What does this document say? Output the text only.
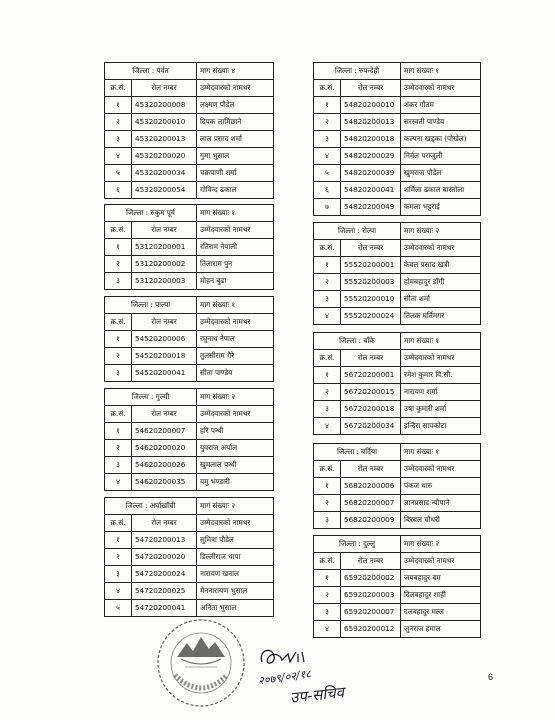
जिल्ला : पर्वत		माग संख्याः ४
क्र.सं.	रोल नम्बर	उम्मेदवारको नामथर
१	45320200008	लक्ष्मण पौडेल
२	45320200010	दिपक लामिछाने
३	45320200013	लाल प्रसाद शर्मा
४	45320200020	गुमा भुसाल
५	45320200034	चक्रपाणी शर्मा
६	45320200054	गोविन्द ढकाल
जिल्ला : रुकुम पूर्व		माग संख्याः १
क्र.सं.	रोल नम्बर	उम्मेदवारको नामथर
१	53120200001	रतिराम नेपाली
२	53120200002	तिलाराम पुन
३	53120200003	मोहन बुढा
जिल्ला : पाल्पा		माग संख्याः १
क्र.सं.	रोल नम्बर	उम्मेदवारको नामथर
१	54520200006	रघुनाथ नेपाल
२	54520200018	तुलसीराम गैरे
३	54520200041	सीता पाण्डेय
जिल्ला : गुल्मी		माग संख्याः २
क्र.सं.	रोल नम्बर	उम्मेदवारको नामथर
१	54620200007	हरि पन्थी
२	54620200020	युवराज अर्याल
३	54620200026	खुमलाल पन्थी
४	54620200035	यमु भण्डारी
जिल्ला : अर्घाखाँची		माग संख्याः २
क्र.सं.	रोल नम्बर	उम्मेदवारको नामथर
१	54720200013	सुमित्रा पौडेल
२	54720200020	डिल्लीराज थापा
३	54720200024	नारायण खनाल
४	54720200025	मेननारायण भुसाल
५	54720200041	अनिता भुसाल
जिल्ला : रुपन्देही		माग संख्याः १
क्र.सं.	रोल नम्बर	उम्मेदवारको नामथर
१	54820200010	शंकर गौतम
२	54820200013	सरस्वती पाण्डेय
३	54820200018	कल्पना खड्का (पोखेल)
४	54820200029	निर्मल पराजुली
५	54820200039	खुमराज पौडेल
६	54820200041	शर्मिला ढकाल बास्तोला
७	54820200049	कमला भट्टराई
जिल्ला : रोल्पा		माग संख्याः २
क्र.सं.	रोल नम्बर	उम्मेदवारको नामथर
१	55520200001	केवल प्रसाद खत्री
२	55520200003	होमबहादुर डाँगी
३	55520200010	सीता शर्मा
४	55520200024	तिलक घर्तिमगर
जिल्ला : बाँके		माग संख्याः १
क्र.सं.	रोल नम्बर	उम्मेदवारको नामथर
१	56720200001	रमेश कुमार वि.सी.
२	56720200015	नारायण शर्मा
३	56720200018	उषा कुमारी शर्मा
४	56720200034	इन्दिरा सापकोटा
जिल्ला : बर्दिया		माग संख्याः १
क्र.सं.	रोल नम्बर	उम्मेदवारको नामथर
१	56820200006	पंकज थारु
२	56820200007	ज्ञानप्रसाद न्यौपाने
३	56820200009	बिरबल चौधरी
जिल्ला : दुल्लु		माग संख्याः २
क्र.सं.	रोल नम्बर	उम्मेदवारको नामथर
१	65920200002	जयबहादुर बम
२	65920200003	दिलबहादुर शाही
३	65920200007	दलबहादुर मल्ल
४	65920200012	जुनराज हमाल
२०७९/०२/१८
उप-सचिव
6
